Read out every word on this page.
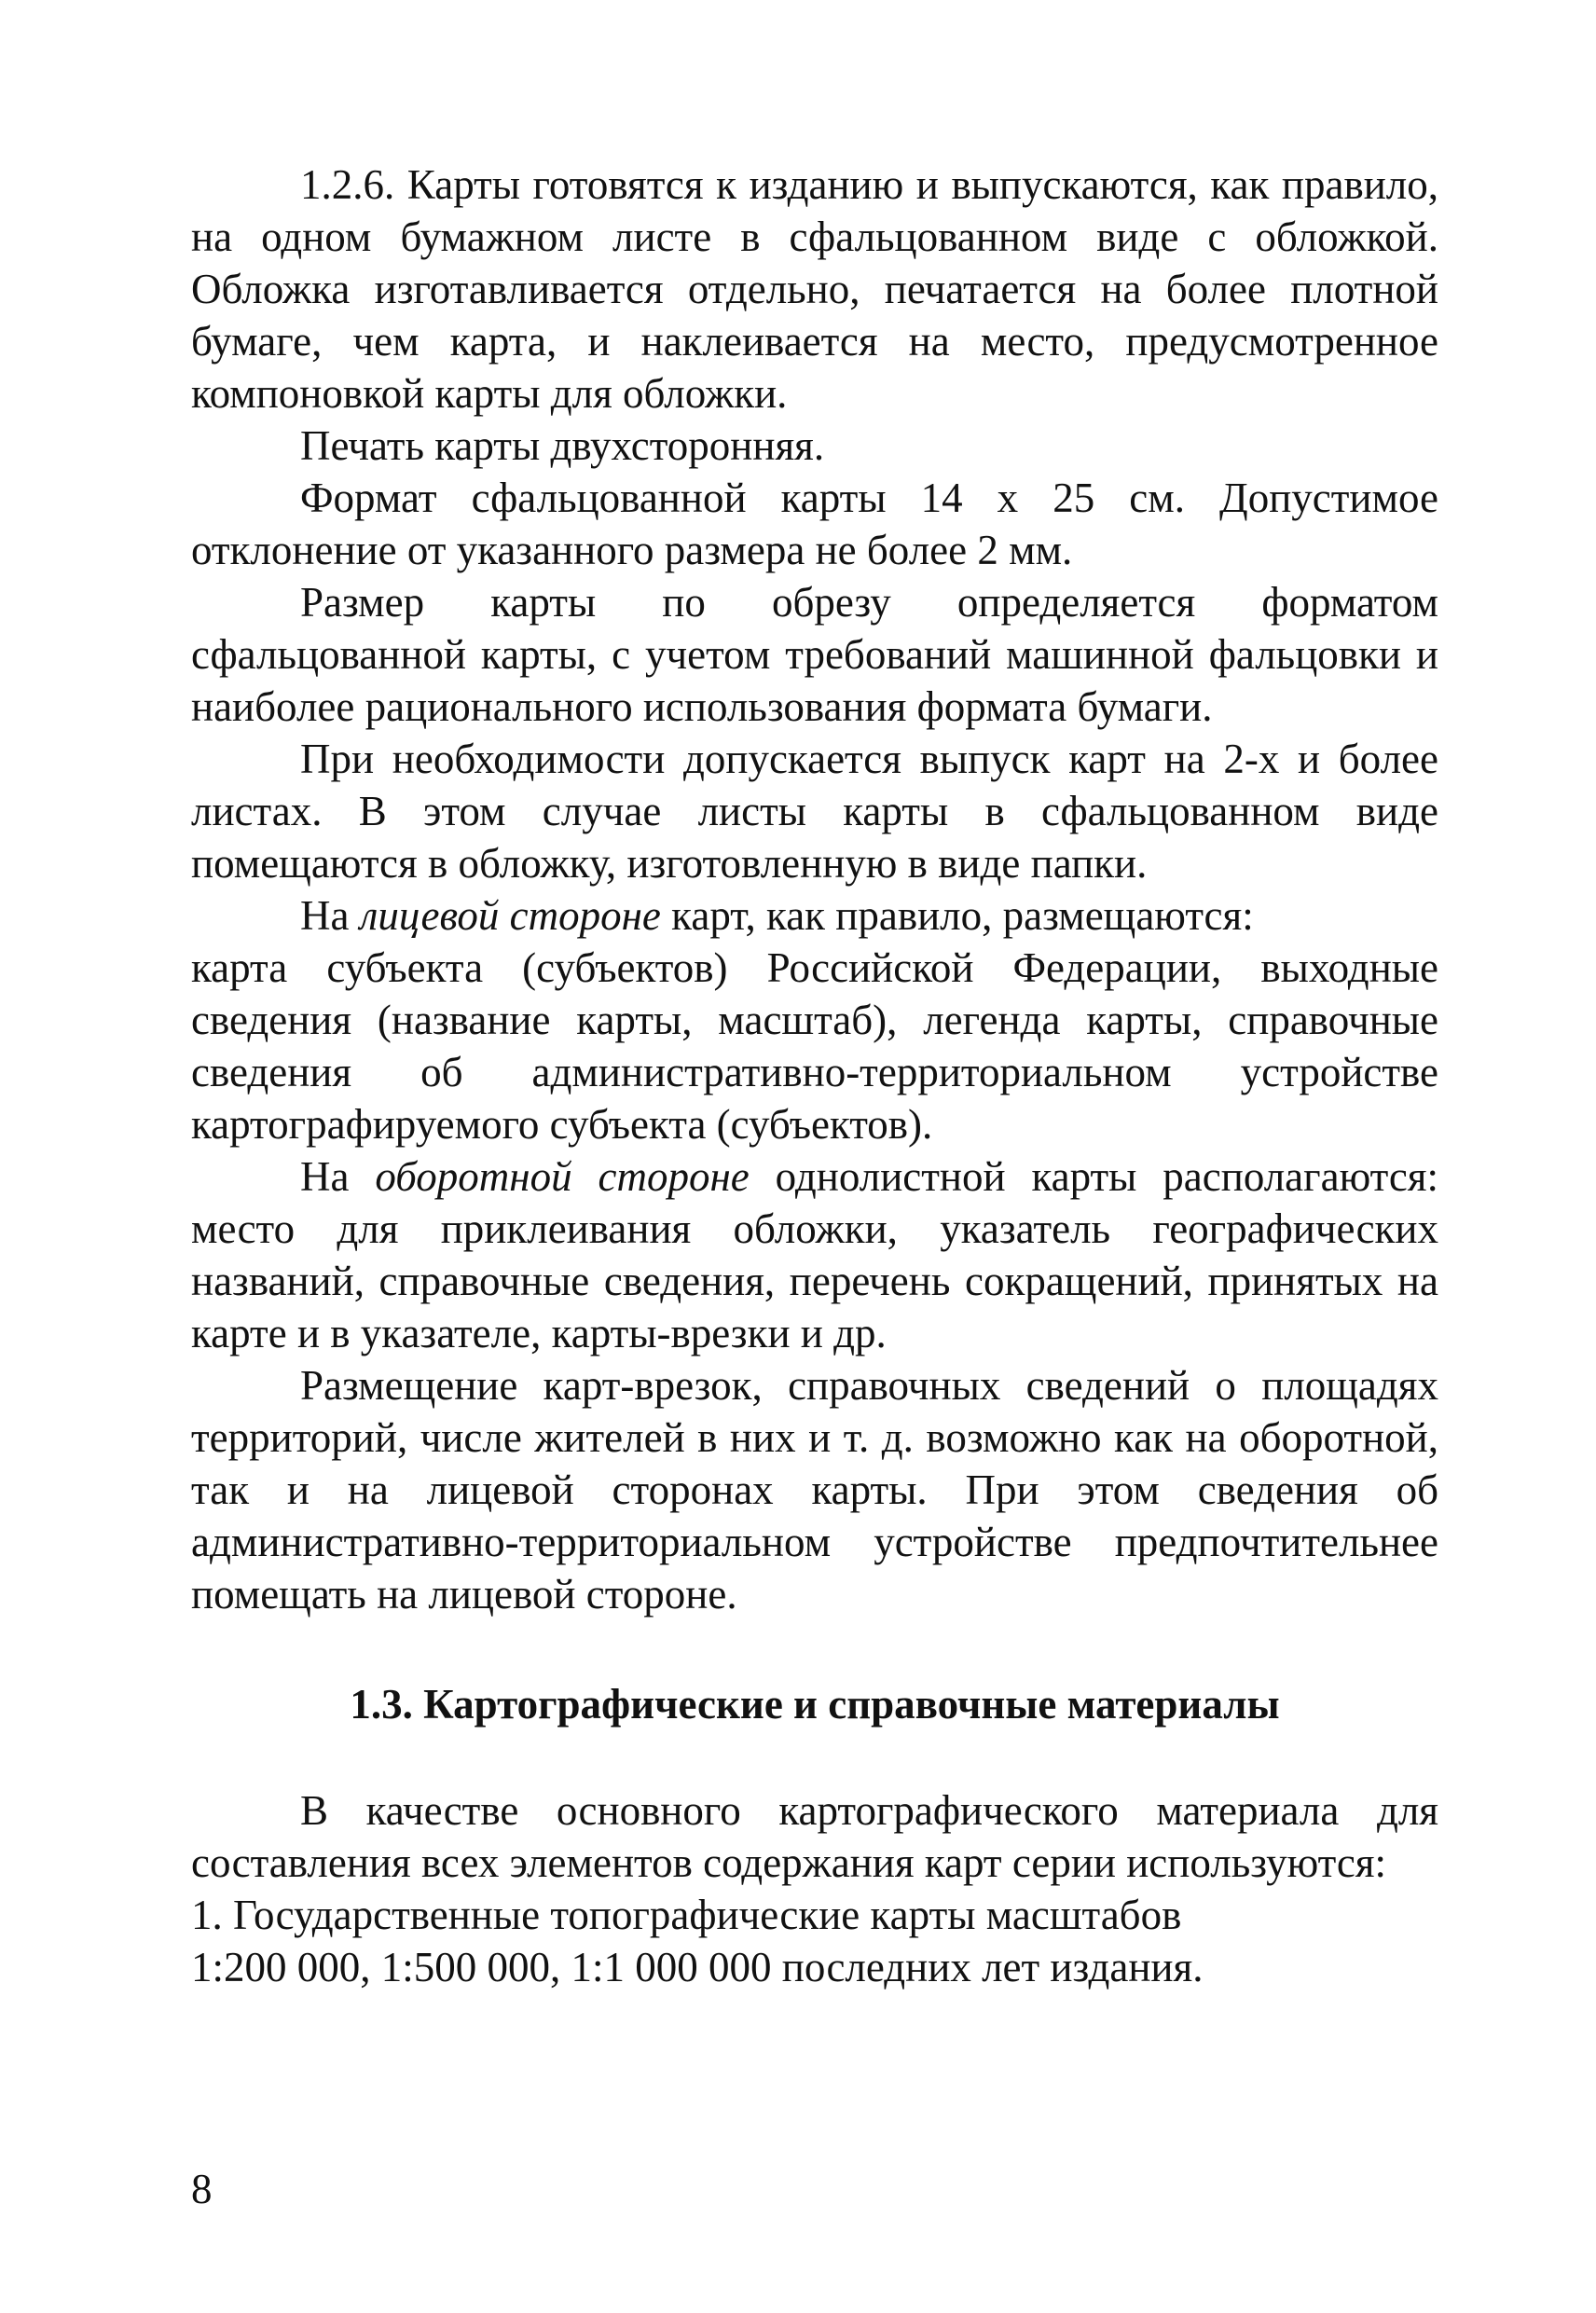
1.2.6. Карты готовятся к изданию и выпускаются, как правило, на одном бумажном листе в сфальцованном виде с обложкой. Обложка изготавливается отдельно, печатается на более плотной бумаге, чем карта, и наклеивается на место, предусмотренное компоновкой карты для обложки.

Печать карты двухсторонняя.

Формат сфальцованной карты 14 х 25 см. Допустимое отклонение от указанного размера не более 2 мм.

Размер карты по обрезу определяется форматом сфальцованной карты, с учетом требований машинной фальцовки и наиболее рационального использования формата бумаги.

При необходимости допускается выпуск карт на 2-х и более листах. В этом случае листы карты в сфальцованном виде помещаются в обложку, изготовленную в виде папки.

На лицевой стороне карт, как правило, размещаются:

карта субъекта (субъектов) Российской Федерации, выходные сведения (название карты, масштаб), легенда карты, справочные сведения об административно-территориальном устройстве картографируемого субъекта (субъектов).

На оборотной стороне однолистной карты располагаются: место для приклеивания обложки, указатель географических названий, справочные сведения, перечень сокращений, принятых на карте и в указателе, карты-врезки и др.

Размещение карт-врезок, справочных сведений о площадях территорий, числе жителей в них и т. д. возможно как на оборотной, так и на лицевой сторонах карты. При этом сведения об административно-территориальном устройстве предпочтительнее помещать на лицевой стороне.

1.3. Картографические и справочные материалы

В качестве основного картографического материала для составления всех элементов содержания карт серии используются:

1. Государственные топографические карты масштабов

1:200 000, 1:500 000, 1:1 000 000 последних лет издания.

8
